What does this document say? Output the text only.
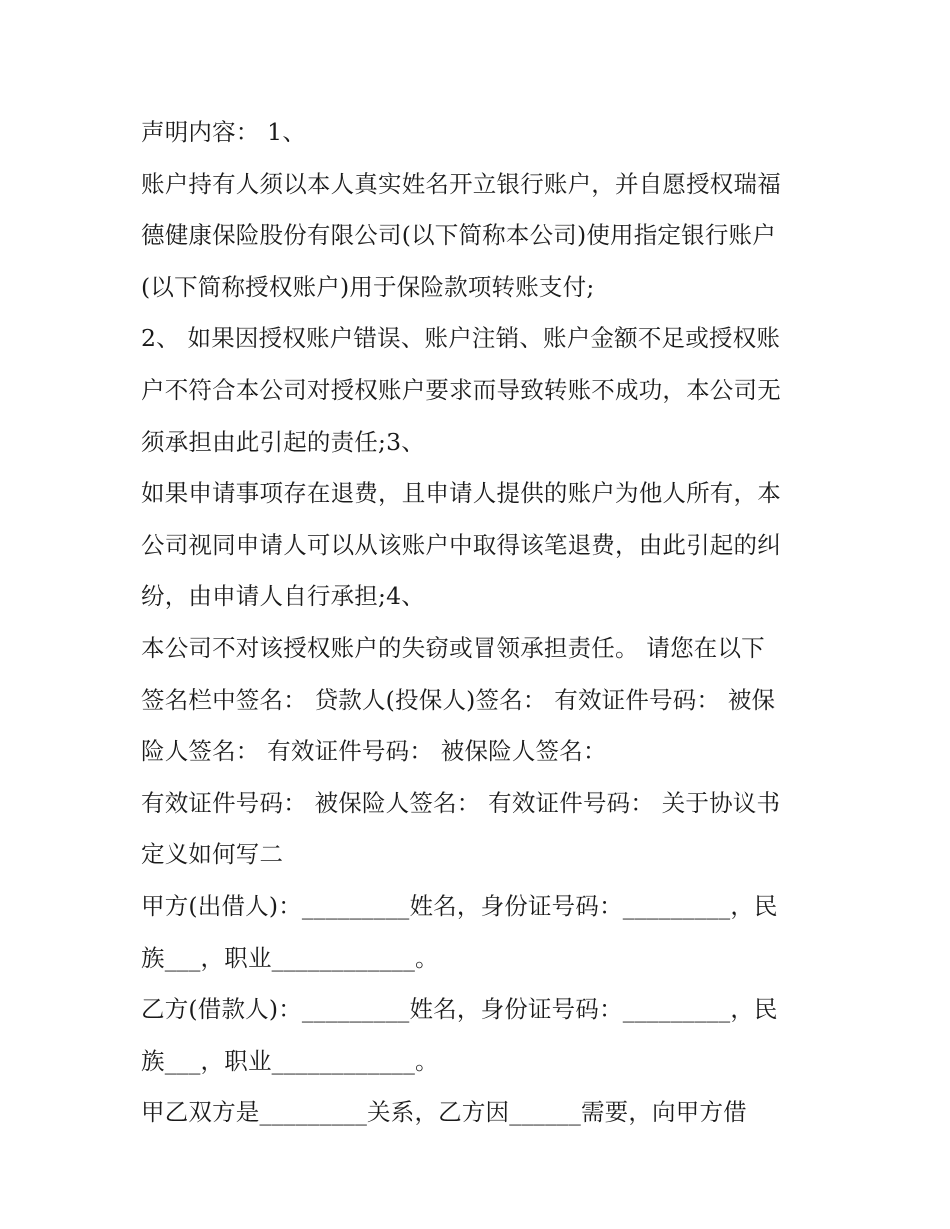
声明内容： 1、
账户持有人须以本人真实姓名开立银行账户，并自愿授权瑞福
德健康保险股份有限公司(以下简称本公司)使用指定银行账户
(以下简称授权账户)用于保险款项转账支付;
2、 如果因授权账户错误、账户注销、账户金额不足或授权账
户不符合本公司对授权账户要求而导致转账不成功，本公司无
须承担由此引起的责任;3、
如果申请事项存在退费，且申请人提供的账户为他人所有，本
公司视同申请人可以从该账户中取得该笔退费，由此引起的纠
纷，由申请人自行承担;4、
本公司不对该授权账户的失窃或冒领承担责任。 请您在以下
签名栏中签名： 贷款人(投保人)签名： 有效证件号码： 被保
险人签名： 有效证件号码： 被保险人签名：
有效证件号码： 被保险人签名： 有效证件号码： 关于协议书
定义如何写二
甲方(出借人)：_________姓名，身份证号码：_________，民
族___，职业____________。
乙方(借款人)：_________姓名，身份证号码：_________，民
族___，职业____________。
甲乙双方是_________关系，乙方因______需要，向甲方借
